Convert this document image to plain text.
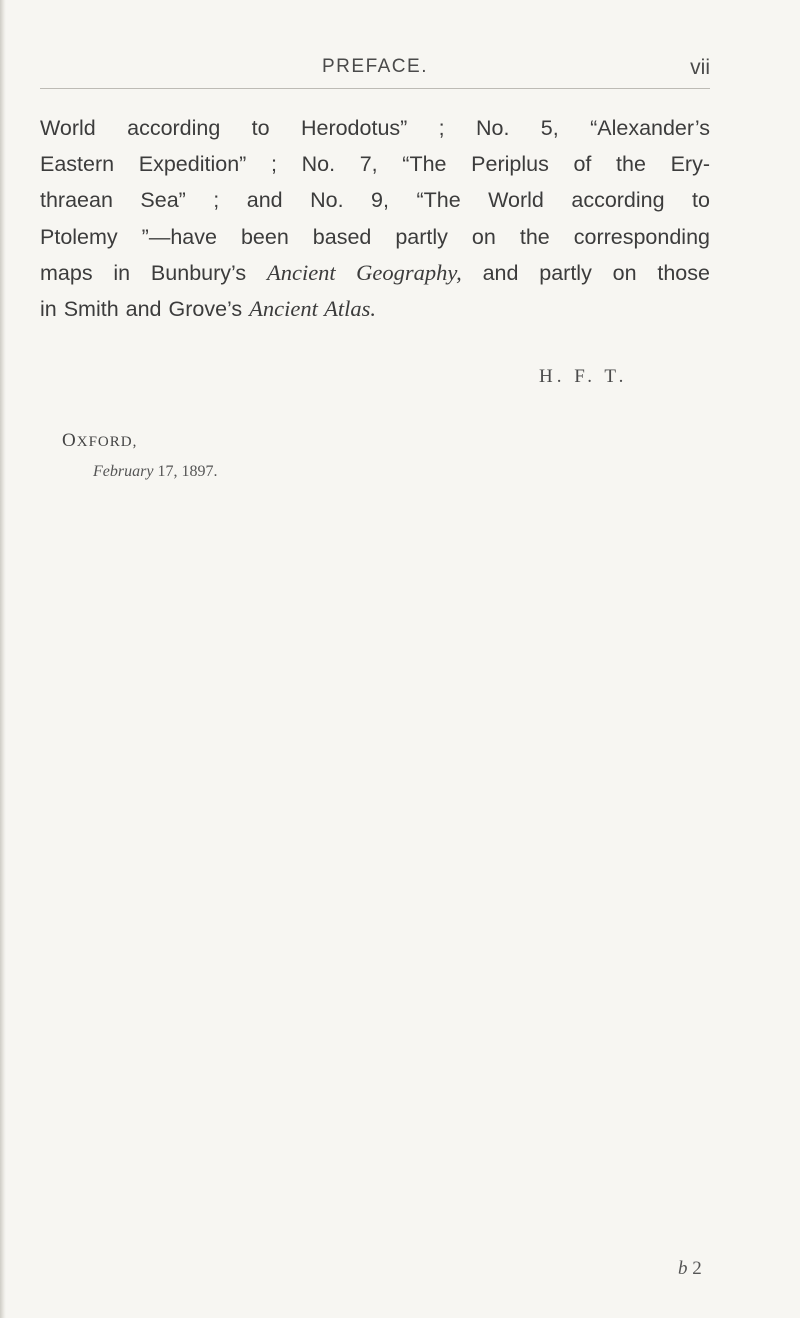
PREFACE.	vii
World according to Herodotus” ; No. 5, “Alexander’s
Eastern Expedition” ; No. 7, “The Periplus of the Ery-
thraean Sea” ; and No. 9, “The World according to
Ptolemy ”—have been based partly on the corresponding
maps in Bunbury’s Ancient Geography, and partly on those
in Smith and Grove’s Ancient Atlas.
H. F. T.
OXFORD,
February 17, 1897.
b 2
